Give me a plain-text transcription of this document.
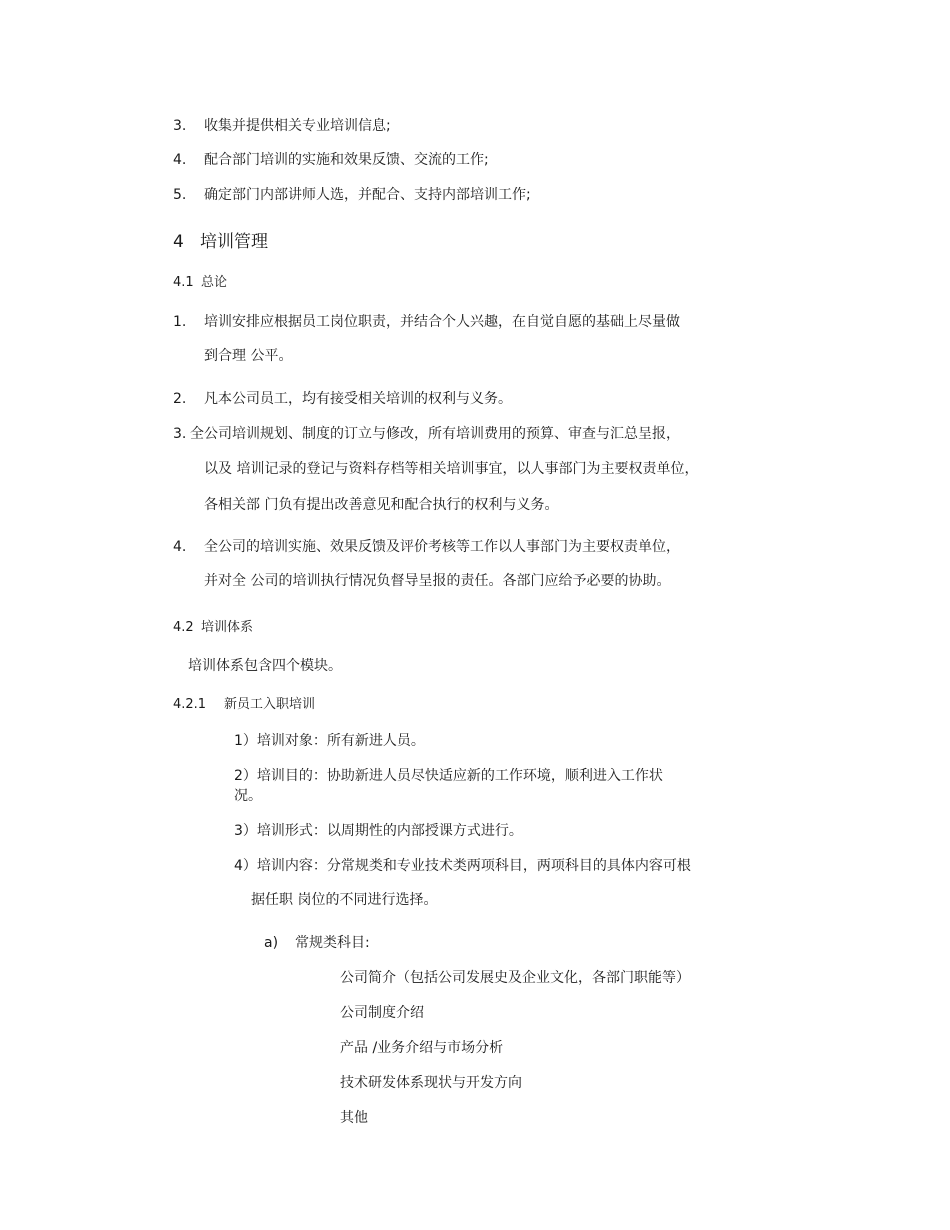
3. 收集并提供相关专业培训信息;
4. 配合部门培训的实施和效果反馈、交流的工作;
5. 确定部门内部讲师人选，并配合、支持内部培训工作;
4 培训管理
4.1 总论
1. 培训安排应根据员工岗位职责，并结合个人兴趣，在自觉自愿的基础上尽量做
到合理 公平。
2. 凡本公司员工，均有接受相关培训的权利与义务。
3. 全公司培训规划、制度的订立与修改，所有培训费用的预算、审查与汇总呈报，
以及 培训记录的登记与资料存档等相关培训事宜，以人事部门为主要权责单位，
各相关部 门负有提出改善意见和配合执行的权利与义务。
4. 全公司的培训实施、效果反馈及评价考核等工作以人事部门为主要权责单位，
并对全 公司的培训执行情况负督导呈报的责任。各部门应给予必要的协助。
4.2 培训体系
培训体系包含四个模块。
4.2.1 新员工入职培训
1）培训对象：所有新进人员。
2）培训目的：协助新进人员尽快适应新的工作环境，顺利进入工作状
况。
3）培训形式：以周期性的内部授课方式进行。
4）培训内容：分常规类和专业技术类两项科目，两项科目的具体内容可根
据任职 岗位的不同进行选择。
a) 常规类科目:
公司简介（包括公司发展史及企业文化，各部门职能等）
公司制度介绍
产品 /业务介绍与市场分析
技术研发体系现状与开发方向
其他
